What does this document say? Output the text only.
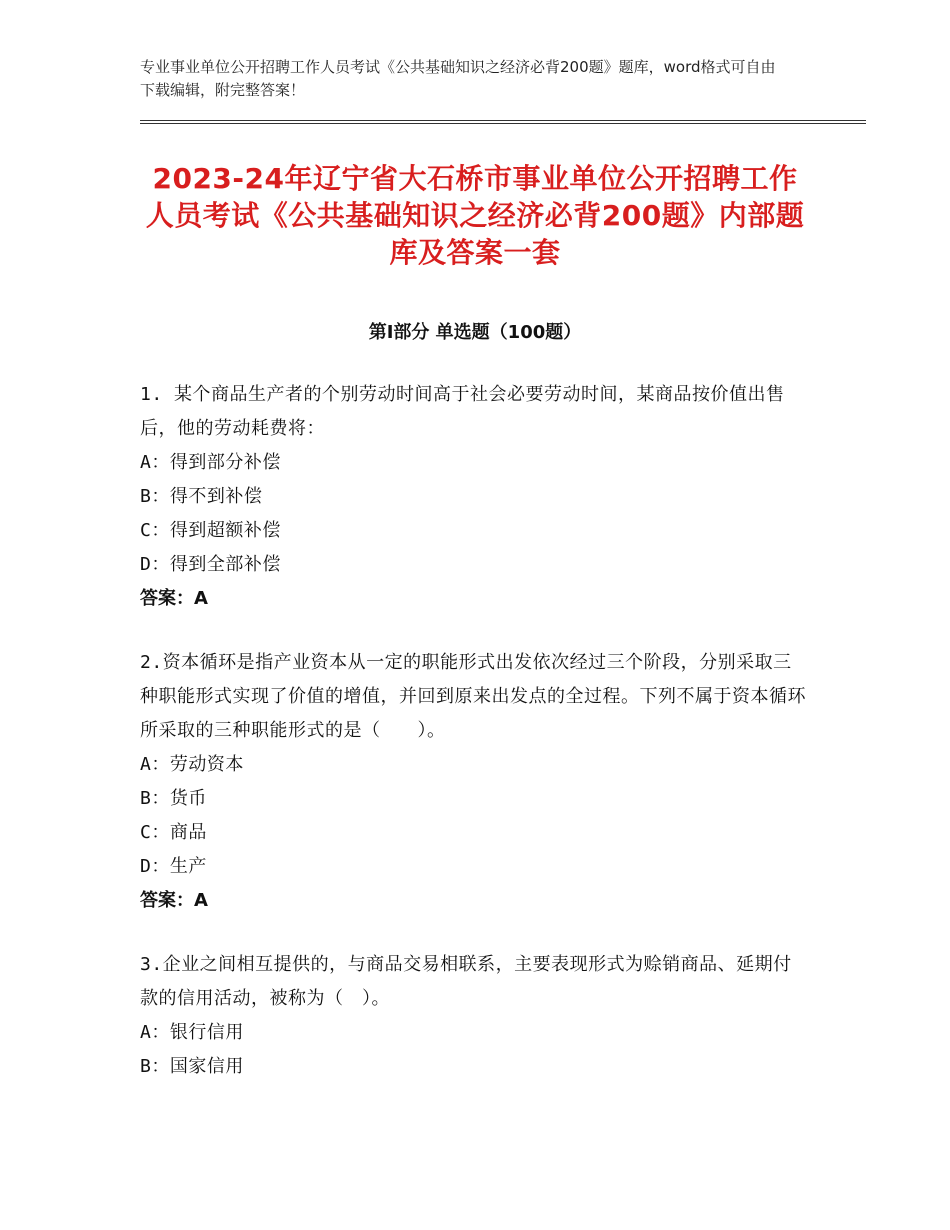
专业事业单位公开招聘工作人员考试《公共基础知识之经济必背200题》题库，word格式可自由下载编辑，附完整答案！
2023-24年辽宁省大石桥市事业单位公开招聘工作人员考试《公共基础知识之经济必背200题》内部题库及答案一套
第Ⅰ部分 单选题（100题）

1. 某个商品生产者的个别劳动时间高于社会必要劳动时间，某商品按价值出售后，他的劳动耗费将：

A：得到部分补偿

B：得不到补偿

C：得到超额补偿

D：得到全部补偿

答案：A

2.资本循环是指产业资本从一定的职能形式出发依次经过三个阶段，分别采取三种职能形式实现了价值的增值，并回到原来出发点的全过程。下列不属于资本循环所采取的三种职能形式的是（　　）。

A：劳动资本

B：货币

C：商品

D：生产

答案：A

3.企业之间相互提供的，与商品交易相联系，主要表现形式为赊销商品、延期付款的信用活动，被称为（　）。

A：银行信用

B：国家信用
